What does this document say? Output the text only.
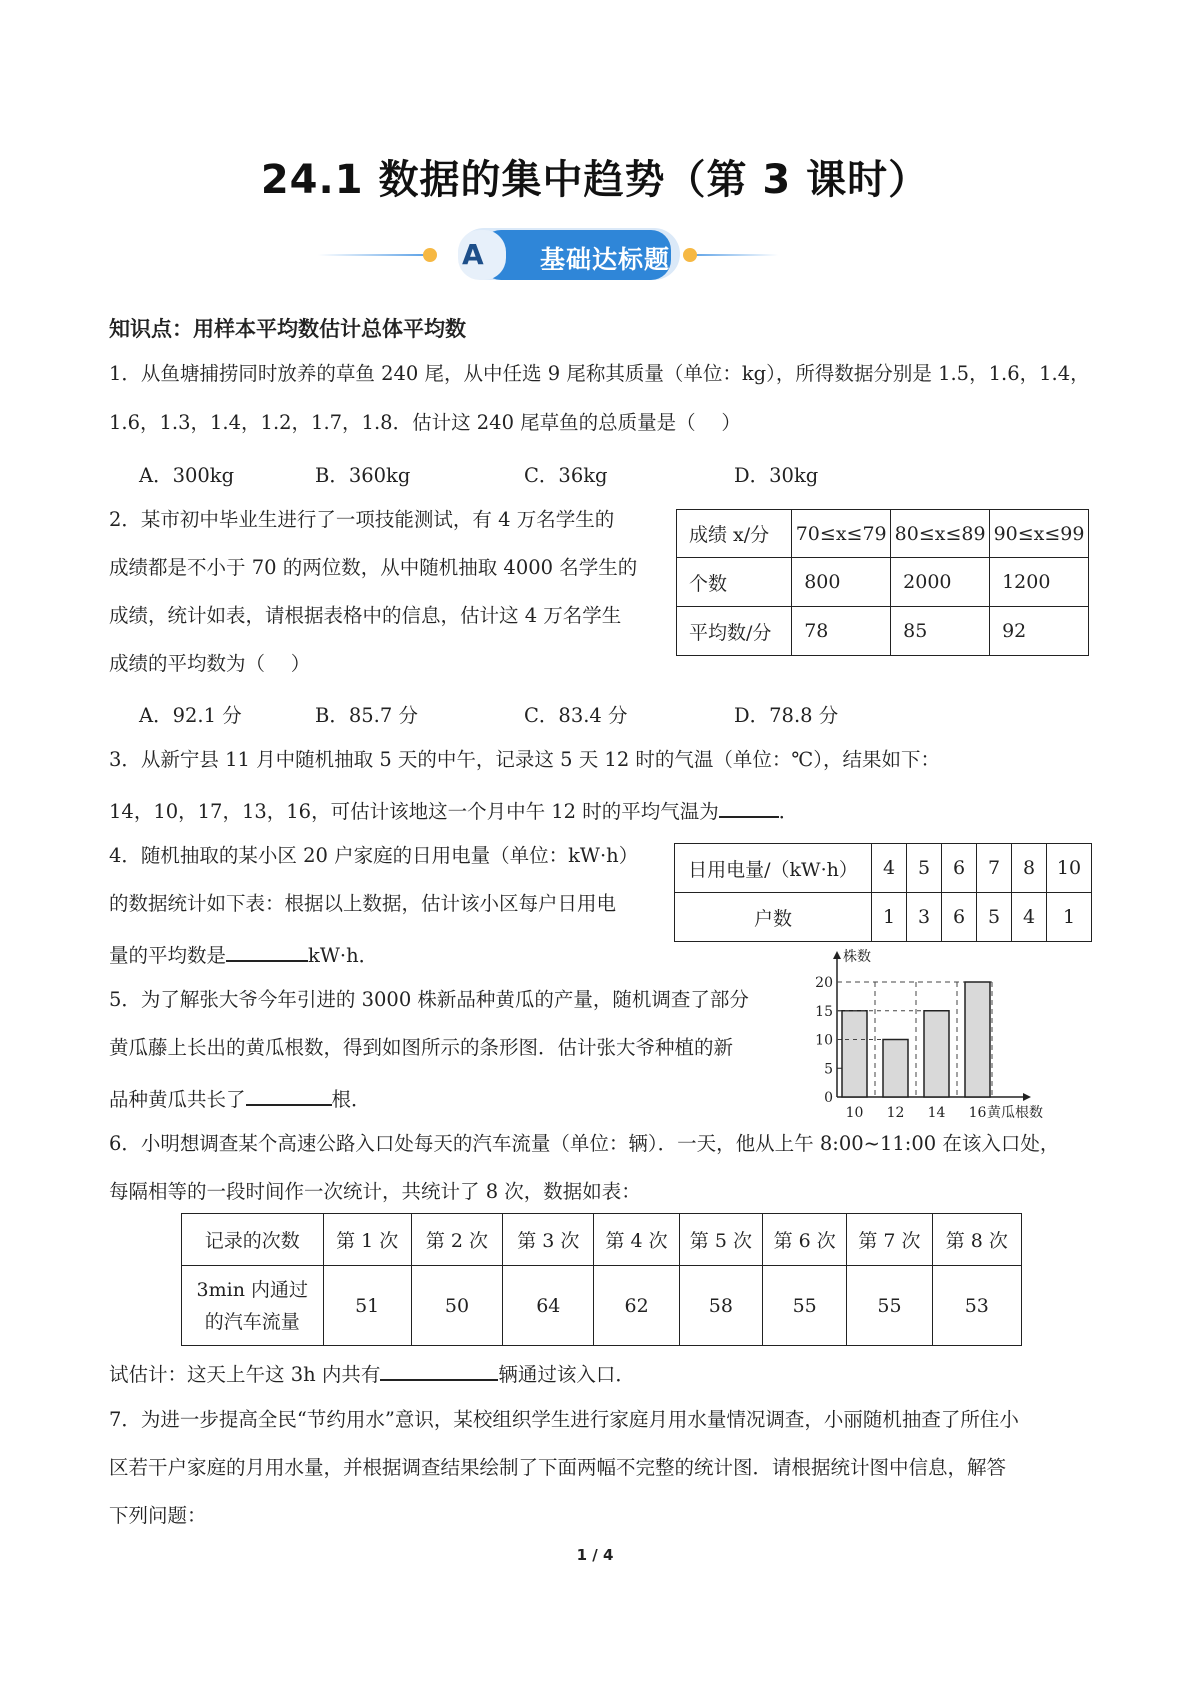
24.1 数据的集中趋势（第 3 课时）
A 基础达标题
知识点：用样本平均数估计总体平均数
1．从鱼塘捕捞同时放养的草鱼 240 尾，从中任选 9 尾称其质量（单位：kg），所得数据分别是 1.5，1.6，1.4，
1.6，1.3，1.4，1.2，1.7，1.8．估计这 240 尾草鱼的总质量是（　 ）
A．300kg	B．360kg	C．36kg	D．30kg
2．某市初中毕业生进行了一项技能测试，有 4 万名学生的
成绩都是不小于 70 的两位数，从中随机抽取 4000 名学生的
成绩，统计如表，请根据表格中的信息，估计这 4 万名学生
成绩的平均数为（　 ）
成绩 x/分	70≤x≤79	80≤x≤89	90≤x≤99
个数	800	2000	1200
平均数/分	78	85	92
A．92.1 分	B．85.7 分	C．83.4 分	D．78.8 分
3．从新宁县 11 月中随机抽取 5 天的中午，记录这 5 天 12 时的气温（单位：℃），结果如下：
14，10，17，13，16，可估计该地这一个月中午 12 时的平均气温为	．
4．随机抽取的某小区 20 户家庭的日用电量（单位：kW·h）
的数据统计如下表：根据以上数据，估计该小区每户日用电
量的平均数是	kW·h．
日用电量/（kW·h）	4	5	6	7	8	10
户数	1	3	6	5	4	1
5．为了解张大爷今年引进的 3000 株新品种黄瓜的产量，随机调查了部分
黄瓜藤上长出的黄瓜根数，得到如图所示的条形图．估计张大爷种植的新
品种黄瓜共长了	根．
株数
黄瓜根数
0
5
10
15
20
10 12 14 16
6．小明想调查某个高速公路入口处每天的汽车流量（单位：辆）．一天，他从上午 8:00~11:00 在该入口处，
每隔相等的一段时间作一次统计，共统计了 8 次，数据如表：
记录的次数	第 1 次	第 2 次	第 3 次	第 4 次	第 5 次	第 6 次	第 7 次	第 8 次

3min 内通过
的汽车流量	51	50	64	62	58	55	55	53
试估计：这天上午这 3h 内共有	辆通过该入口．
7．为进一步提高全民“节约用水”意识，某校组织学生进行家庭月用水量情况调查，小丽随机抽查了所住小
区若干户家庭的月用水量，并根据调查结果绘制了下面两幅不完整的统计图．请根据统计图中信息，解答
下列问题：
1 / 4
